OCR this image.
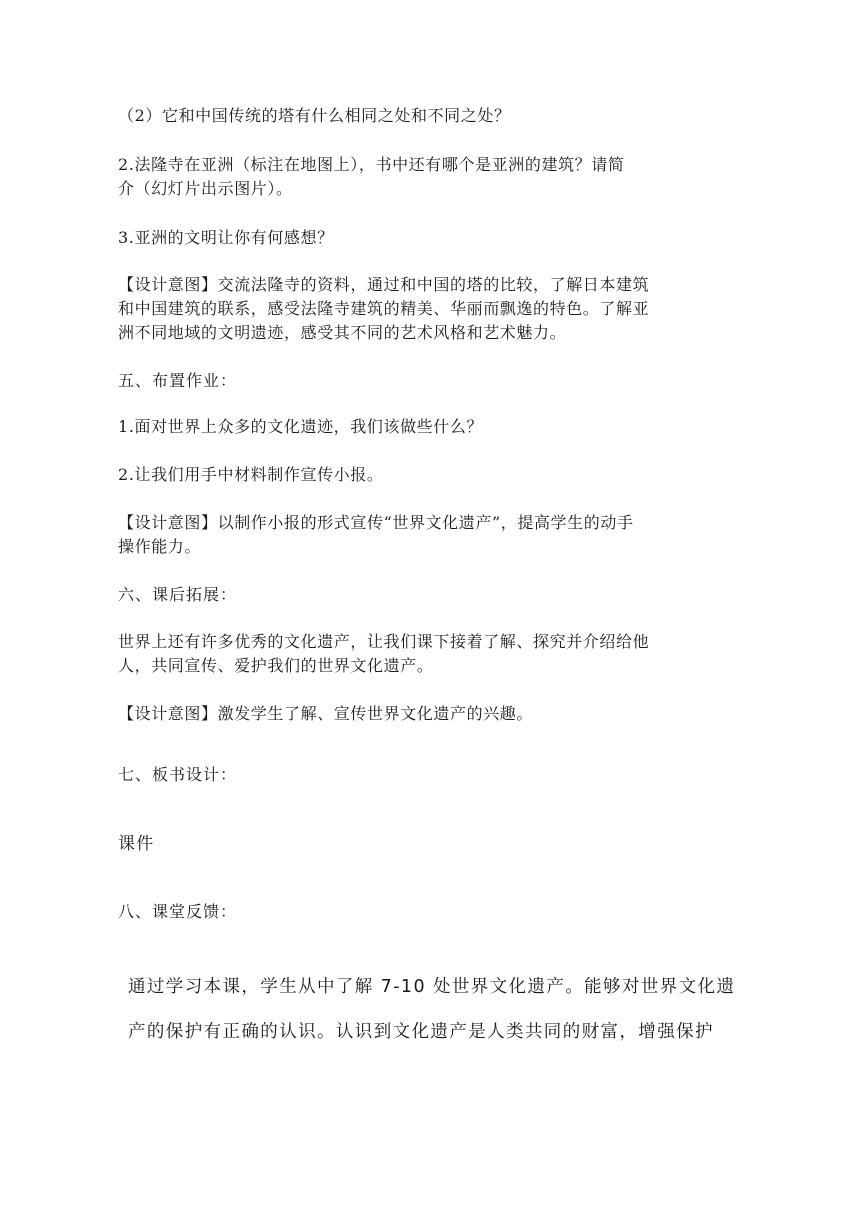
（2）它和中国传统的塔有什么相同之处和不同之处？
2.法隆寺在亚洲（标注在地图上），书中还有哪个是亚洲的建筑？请简
介（幻灯片出示图片）。
3.亚洲的文明让你有何感想？
【设计意图】交流法隆寺的资料，通过和中国的塔的比较，了解日本建筑
和中国建筑的联系，感受法隆寺建筑的精美、华丽而飘逸的特色。了解亚
洲不同地域的文明遗迹，感受其不同的艺术风格和艺术魅力。
五、布置作业：
1.面对世界上众多的文化遗迹，我们该做些什么？
2.让我们用手中材料制作宣传小报。
【设计意图】以制作小报的形式宣传“世界文化遗产”，提高学生的动手
操作能力。
六、课后拓展：
世界上还有许多优秀的文化遗产，让我们课下接着了解、探究并介绍给他
人，共同宣传、爱护我们的世界文化遗产。
【设计意图】激发学生了解、宣传世界文化遗产的兴趣。
七、板书设计：
课件
八、课堂反馈：
通过学习本课，学生从中了解 7-10 处世界文化遗产。能够对世界文化遗
产的保护有正确的认识。认识到文化遗产是人类共同的财富，增强保护
